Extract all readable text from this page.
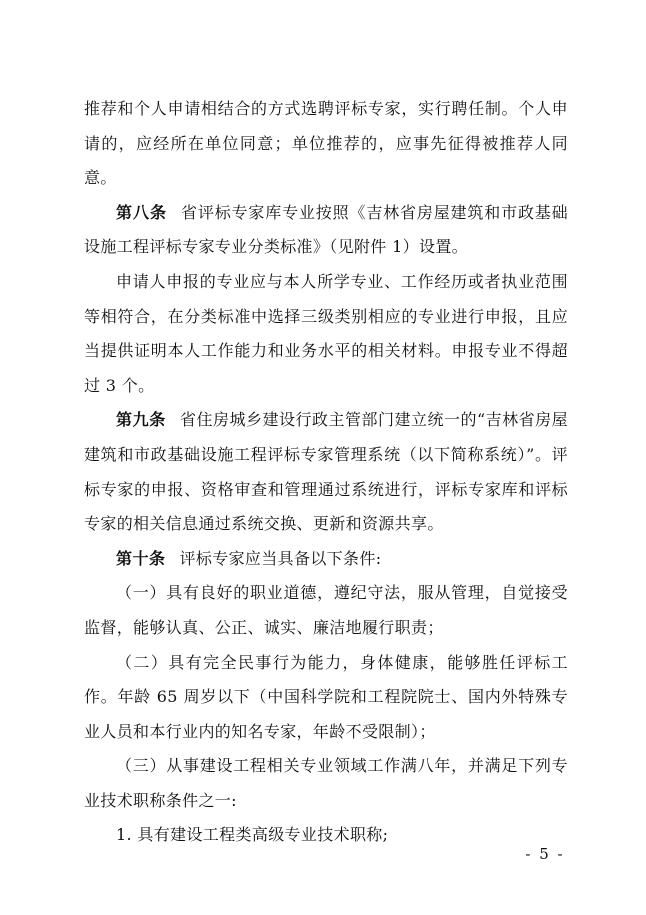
推荐和个人申请相结合的方式选聘评标专家，实行聘任制。个人申请的，应经所在单位同意；单位推荐的，应事先征得被推荐人同意。

第八条 省评标专家库专业按照《吉林省房屋建筑和市政基础设施工程评标专家专业分类标准》（见附件 1）设置。

申请人申报的专业应与本人所学专业、工作经历或者执业范围等相符合，在分类标准中选择三级类别相应的专业进行申报，且应当提供证明本人工作能力和业务水平的相关材料。申报专业不得超过 3 个。

第九条 省住房城乡建设行政主管部门建立统一的“吉林省房屋建筑和市政基础设施工程评标专家管理系统（以下简称系统）”。评标专家的申报、资格审查和管理通过系统进行，评标专家库和评标专家的相关信息通过系统交换、更新和资源共享。

第十条 评标专家应当具备以下条件:

（一）具有良好的职业道德，遵纪守法，服从管理，自觉接受监督，能够认真、公正、诚实、廉洁地履行职责；

（二）具有完全民事行为能力，身体健康，能够胜任评标工作。年龄 65 周岁以下（中国科学院和工程院院士、国内外特殊专业人员和本行业内的知名专家，年龄不受限制）；

（三）从事建设工程相关专业领域工作满八年，并满足下列专业技术职称条件之一:

1. 具有建设工程类高级专业技术职称;

- 5 -
